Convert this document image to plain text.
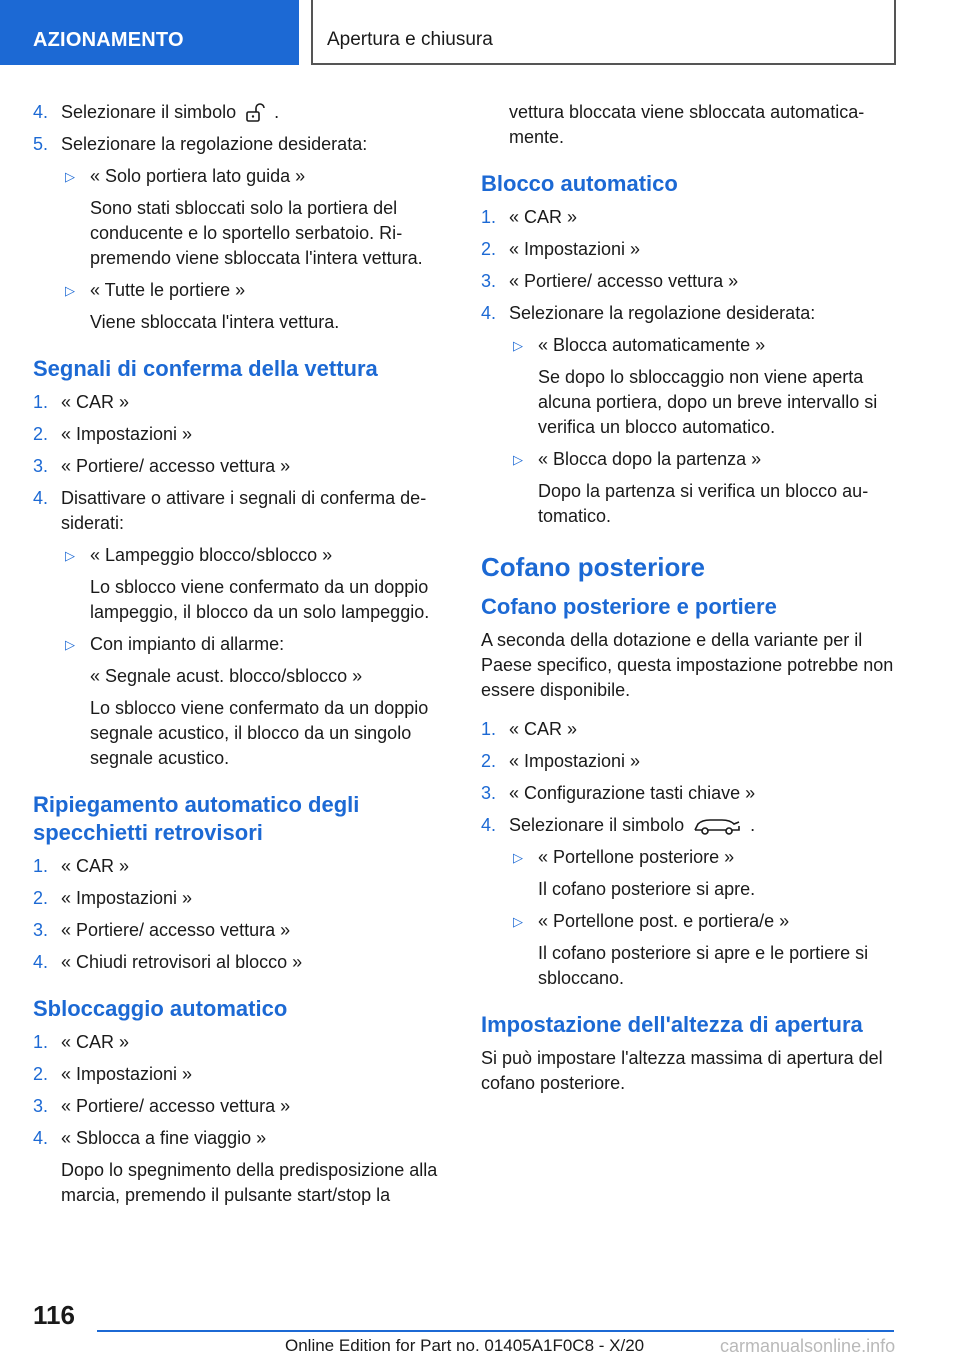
AZIONAMENTO	Apertura e chiusura
4. Selezionare il simbolo .
5. Selezionare la regolazione desiderata:
▷ « Solo portiera lato guida »
Sono stati sbloccati solo la portiera del conducente e lo sportello serbatoio. Ripremendo viene sbloccata l'intera vettura.
▷ « Tutte le portiere »
Viene sbloccata l'intera vettura.
Segnali di conferma della vettura
1. « CAR »
2. « Impostazioni »
3. « Portiere/ accesso vettura »
4. Disattivare o attivare i segnali di conferma desiderati:
▷ « Lampeggio blocco/sblocco »
Lo sblocco viene confermato da un doppio lampeggio, il blocco da un solo lampeggio.
▷ Con impianto di allarme:
« Segnale acust. blocco/sblocco »
Lo sblocco viene confermato da un doppio segnale acustico, il blocco da un singolo segnale acustico.
Ripiegamento automatico degli specchietti retrovisori
1. « CAR »
2. « Impostazioni »
3. « Portiere/ accesso vettura »
4. « Chiudi retrovisori al blocco »
Sbloccaggio automatico
1. « CAR »
2. « Impostazioni »
3. « Portiere/ accesso vettura »
4. « Sblocca a fine viaggio »
Dopo lo spegnimento della predisposizione alla marcia, premendo il pulsante start/stop la
vettura bloccata viene sbloccata automaticamente.
Blocco automatico
1. « CAR »
2. « Impostazioni »
3. « Portiere/ accesso vettura »
4. Selezionare la regolazione desiderata:
▷ « Blocca automaticamente »
Se dopo lo sbloccaggio non viene aperta alcuna portiera, dopo un breve intervallo si verifica un blocco automatico.
▷ « Blocca dopo la partenza »
Dopo la partenza si verifica un blocco automatico.
Cofano posteriore
Cofano posteriore e portiere
A seconda della dotazione e della variante per il Paese specifico, questa impostazione potrebbe non essere disponibile.
1. « CAR »
2. « Impostazioni »
3. « Configurazione tasti chiave »
4. Selezionare il simbolo	.
▷ « Portellone posteriore »
Il cofano posteriore si apre.
▷ « Portellone post. e portiera/e »
Il cofano posteriore si apre e le portiere si sbloccano.
Impostazione dell'altezza di apertura
Si può impostare l'altezza massima di apertura del cofano posteriore.
116
Online Edition for Part no. 01405A1F0C8 - X/20	carmanualsonline.info
